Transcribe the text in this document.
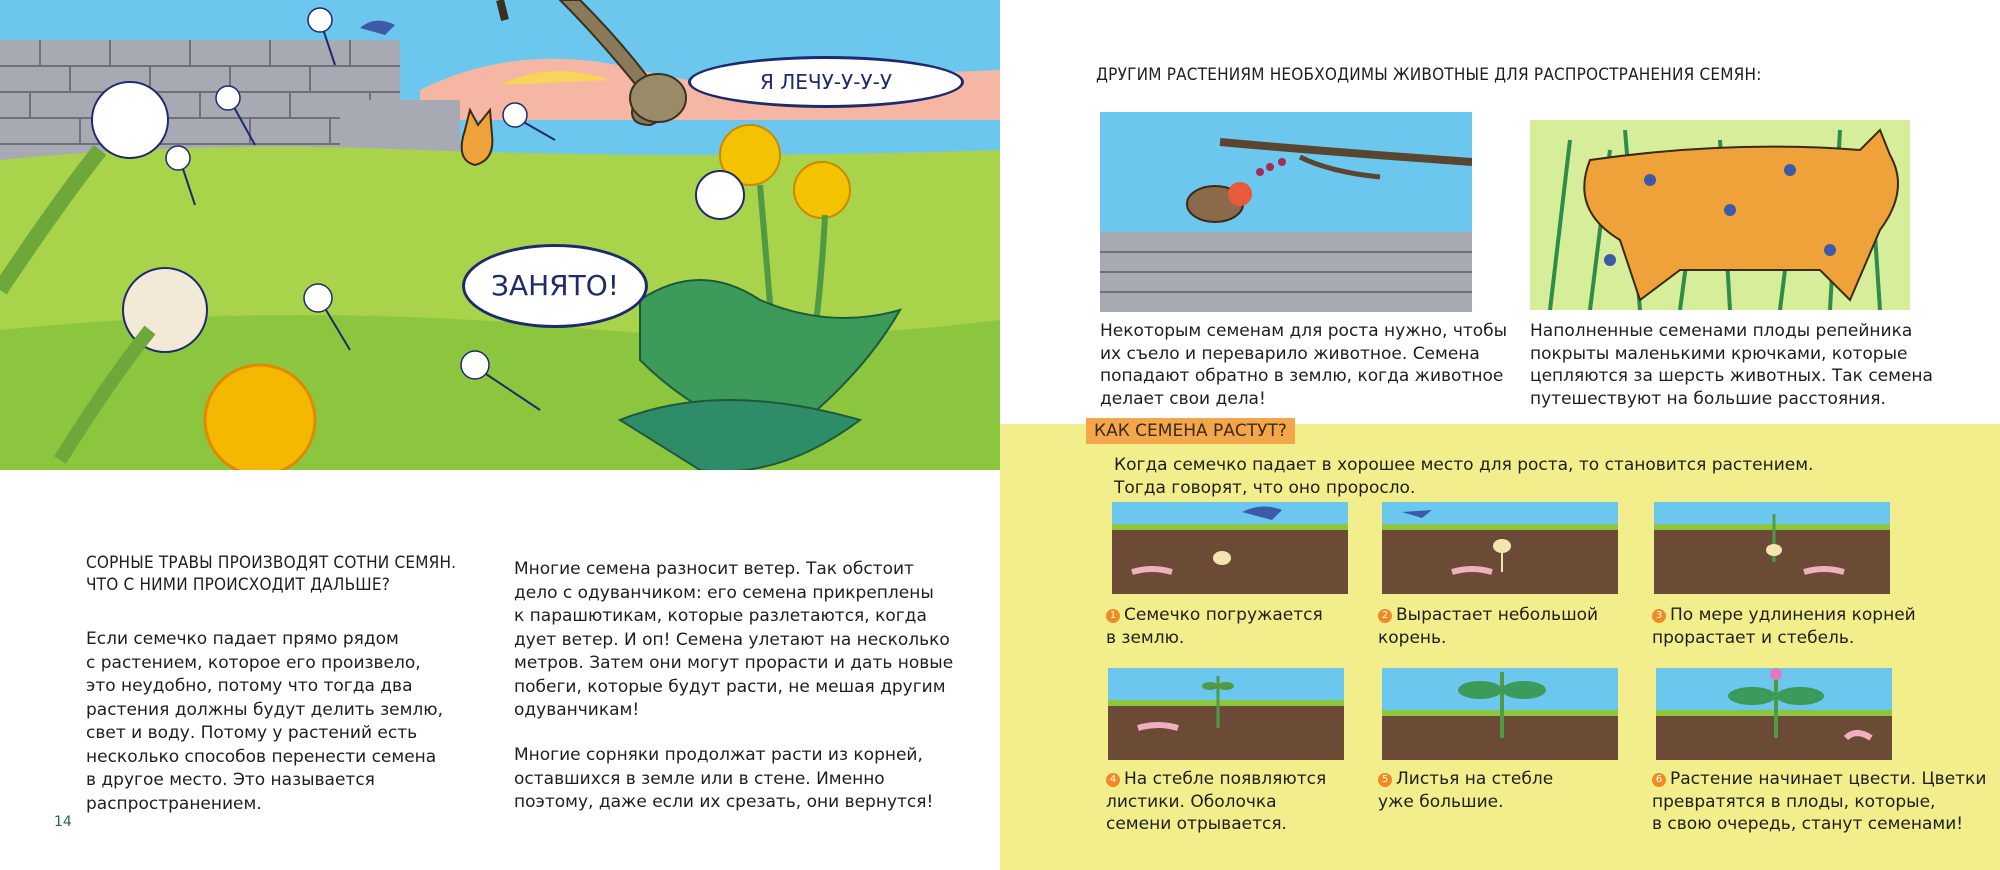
Я ЛЕЧУ-У-У-У
ЗАНЯТО!
СОРНЫЕ ТРАВЫ ПРОИЗВОДЯТ СОТНИ СЕМЯН.
ЧТО С НИМИ ПРОИСХОДИТ ДАЛЬШЕ?
Если семечко падает прямо рядом
с растением, которое его произвело,
это неудобно, потому что тогда два
растения должны будут делить землю,
свет и воду. Потому у растений есть
несколько способов перенести семена
в другое место. Это называется
распространением.
Многие семена разносит ветер. Так обстоит
дело с одуванчиком: его семена прикреплены
к парашютикам, которые разлетаются, когда
дует ветер. И оп! Семена улетают на несколько
метров. Затем они могут прорасти и дать новые
побеги, которые будут расти, не мешая другим
одуванчикам!
Многие сорняки продолжат расти из корней,
оставшихся в земле или в стене. Именно
поэтому, даже если их срезать, они вернутся!
14
ДРУГИМ РАСТЕНИЯМ НЕОБХОДИМЫ ЖИВОТНЫЕ ДЛЯ РАСПРОСТРАНЕНИЯ СЕМЯН:
Некоторым семенам для роста нужно, чтобы
их съело и переварило животное. Семена
попадают обратно в землю, когда животное
делает свои дела!
Наполненные семенами плоды репейника
покрыты маленькими крючками, которые
цепляются за шерсть животных. Так семена
путешествуют на большие расстояния.
КАК СЕМЕНА РАСТУТ?
Когда семечко падает в хорошее место для роста, то становится растением.
Тогда говорят, что оно проросло.
1 Семечко погружается
в землю.
2 Вырастает небольшой
корень.
3 По мере удлинения корней
прорастает и стебель.
4 На стебле появляются
листики. Оболочка
семени отрывается.
5 Листья на стебле
уже большие.
6 Растение начинает цвести. Цветки
превратятся в плоды, которые,
в свою очередь, станут семенами!
